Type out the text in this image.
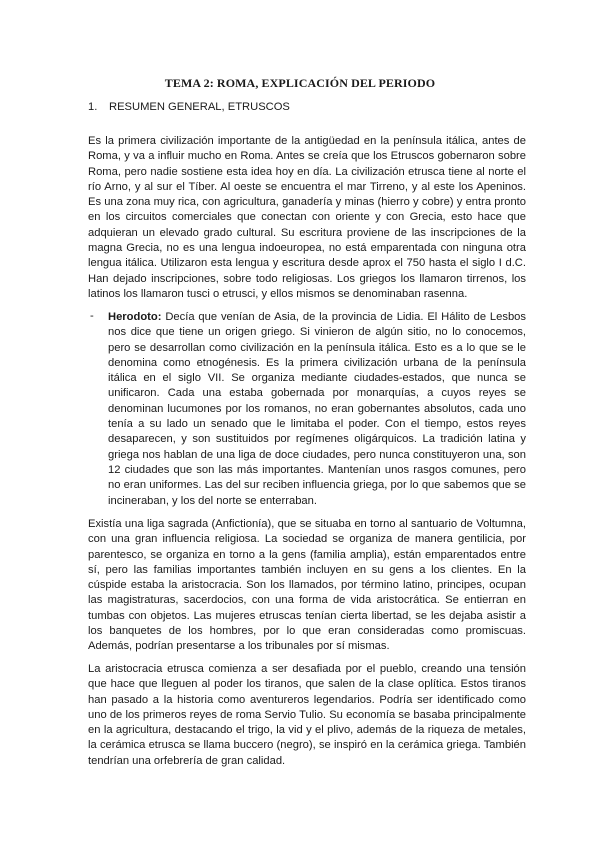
TEMA 2: ROMA, EXPLICACIÓN DEL PERIODO
1. RESUMEN GENERAL, ETRUSCOS

Es la primera civilización importante de la antigüedad en la península itálica, antes de Roma, y va a influir mucho en Roma. Antes se creía que los Etruscos gobernaron sobre Roma, pero nadie sostiene esta idea hoy en día. La civilización etrusca tiene al norte el río Arno, y al sur el Tíber. Al oeste se encuentra el mar Tirreno, y al este los Apeninos. Es una zona muy rica, con agricultura, ganadería y minas (hierro y cobre) y entra pronto en los circuitos comerciales que conectan con oriente y con Grecia, esto hace que adquieran un elevado grado cultural. Su escritura proviene de las inscripciones de la magna Grecia, no es una lengua indoeuropea, no está emparentada con ninguna otra lengua itálica. Utilizaron esta lengua y escritura desde aprox el 750 hasta el siglo I d.C. Han dejado inscripciones, sobre todo religiosas. Los griegos los llamaron tirrenos, los latinos los llamaron tusci o etrusci, y ellos mismos se denominaban rasenna.

- Herodoto: Decía que venían de Asia, de la provincia de Lidia. El Hálito de Lesbos nos dice que tiene un origen griego. Si vinieron de algún sitio, no lo conocemos, pero se desarrollan como civilización en la península itálica. Esto es a lo que se le denomina como etnogénesis. Es la primera civilización urbana de la península itálica en el siglo VII. Se organiza mediante ciudades-estados, que nunca se unificaron. Cada una estaba gobernada por monarquías, a cuyos reyes se denominan lucumones por los romanos, no eran gobernantes absolutos, cada uno tenía a su lado un senado que le limitaba el poder. Con el tiempo, estos reyes desaparecen, y son sustituidos por regímenes oligárquicos. La tradición latina y griega nos hablan de una liga de doce ciudades, pero nunca constituyeron una, son 12 ciudades que son las más importantes. Mantenían unos rasgos comunes, pero no eran uniformes. Las del sur reciben influencia griega, por lo que sabemos que se incineraban, y los del norte se enterraban.

Existía una liga sagrada (Anfictionía), que se situaba en torno al santuario de Voltumna, con una gran influencia religiosa. La sociedad se organiza de manera gentilicia, por parentesco, se organiza en torno a la gens (familia amplia), están emparentados entre sí, pero las familias importantes también incluyen en su gens a los clientes. En la cúspide estaba la aristocracia. Son los llamados, por término latino, principes, ocupan las magistraturas, sacerdocios, con una forma de vida aristocrática. Se entierran en tumbas con objetos. Las mujeres etruscas tenían cierta libertad, se les dejaba asistir a los banquetes de los hombres, por lo que eran consideradas como promiscuas. Además, podrían presentarse a los tribunales por sí mismas.

La aristocracia etrusca comienza a ser desafiada por el pueblo, creando una tensión que hace que lleguen al poder los tiranos, que salen de la clase oplítica. Estos tiranos han pasado a la historia como aventureros legendarios. Podría ser identificado como uno de los primeros reyes de roma Servio Tulio. Su economía se basaba principalmente en la agricultura, destacando el trigo, la vid y el plivo, además de la riqueza de metales, la cerámica etrusca se llama buccero (negro), se inspiró en la cerámica griega. También tendrían una orfebrería de gran calidad.
